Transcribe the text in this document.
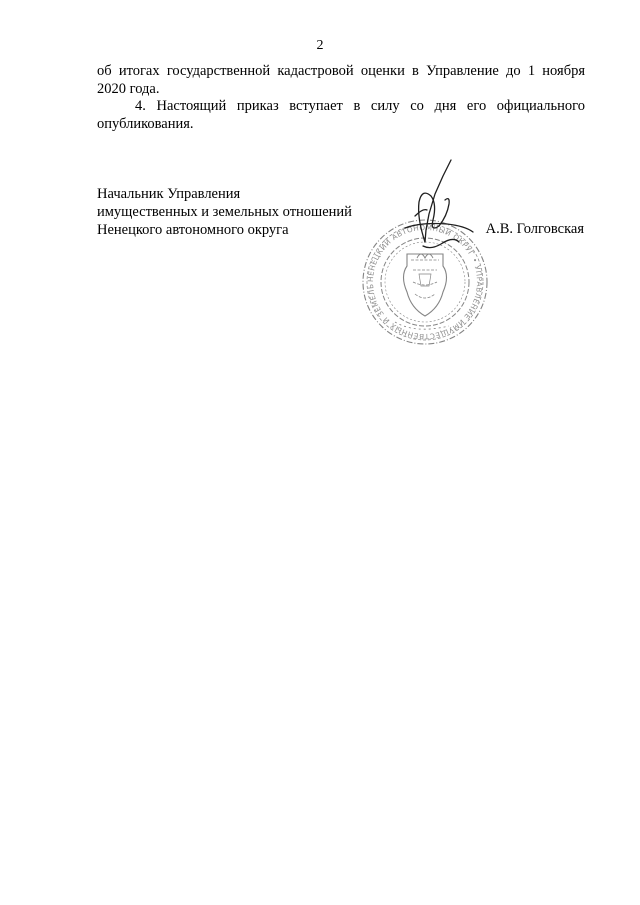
2

об итогах государственной кадастровой оценки в Управление до 1 ноября 2020 года.

4. Настоящий приказ вступает в силу со дня его официального опубликования.

Начальник Управления
имущественных и земельных отношений
Ненецкого автономного округа	А.В. Голговская
НЕНЕЦКИЙ АВТОНОМНЫЙ ОКРУГ • УПРАВЛЕНИЕ ИМУЩЕСТВЕННЫХ И ЗЕМЕЛЬ
